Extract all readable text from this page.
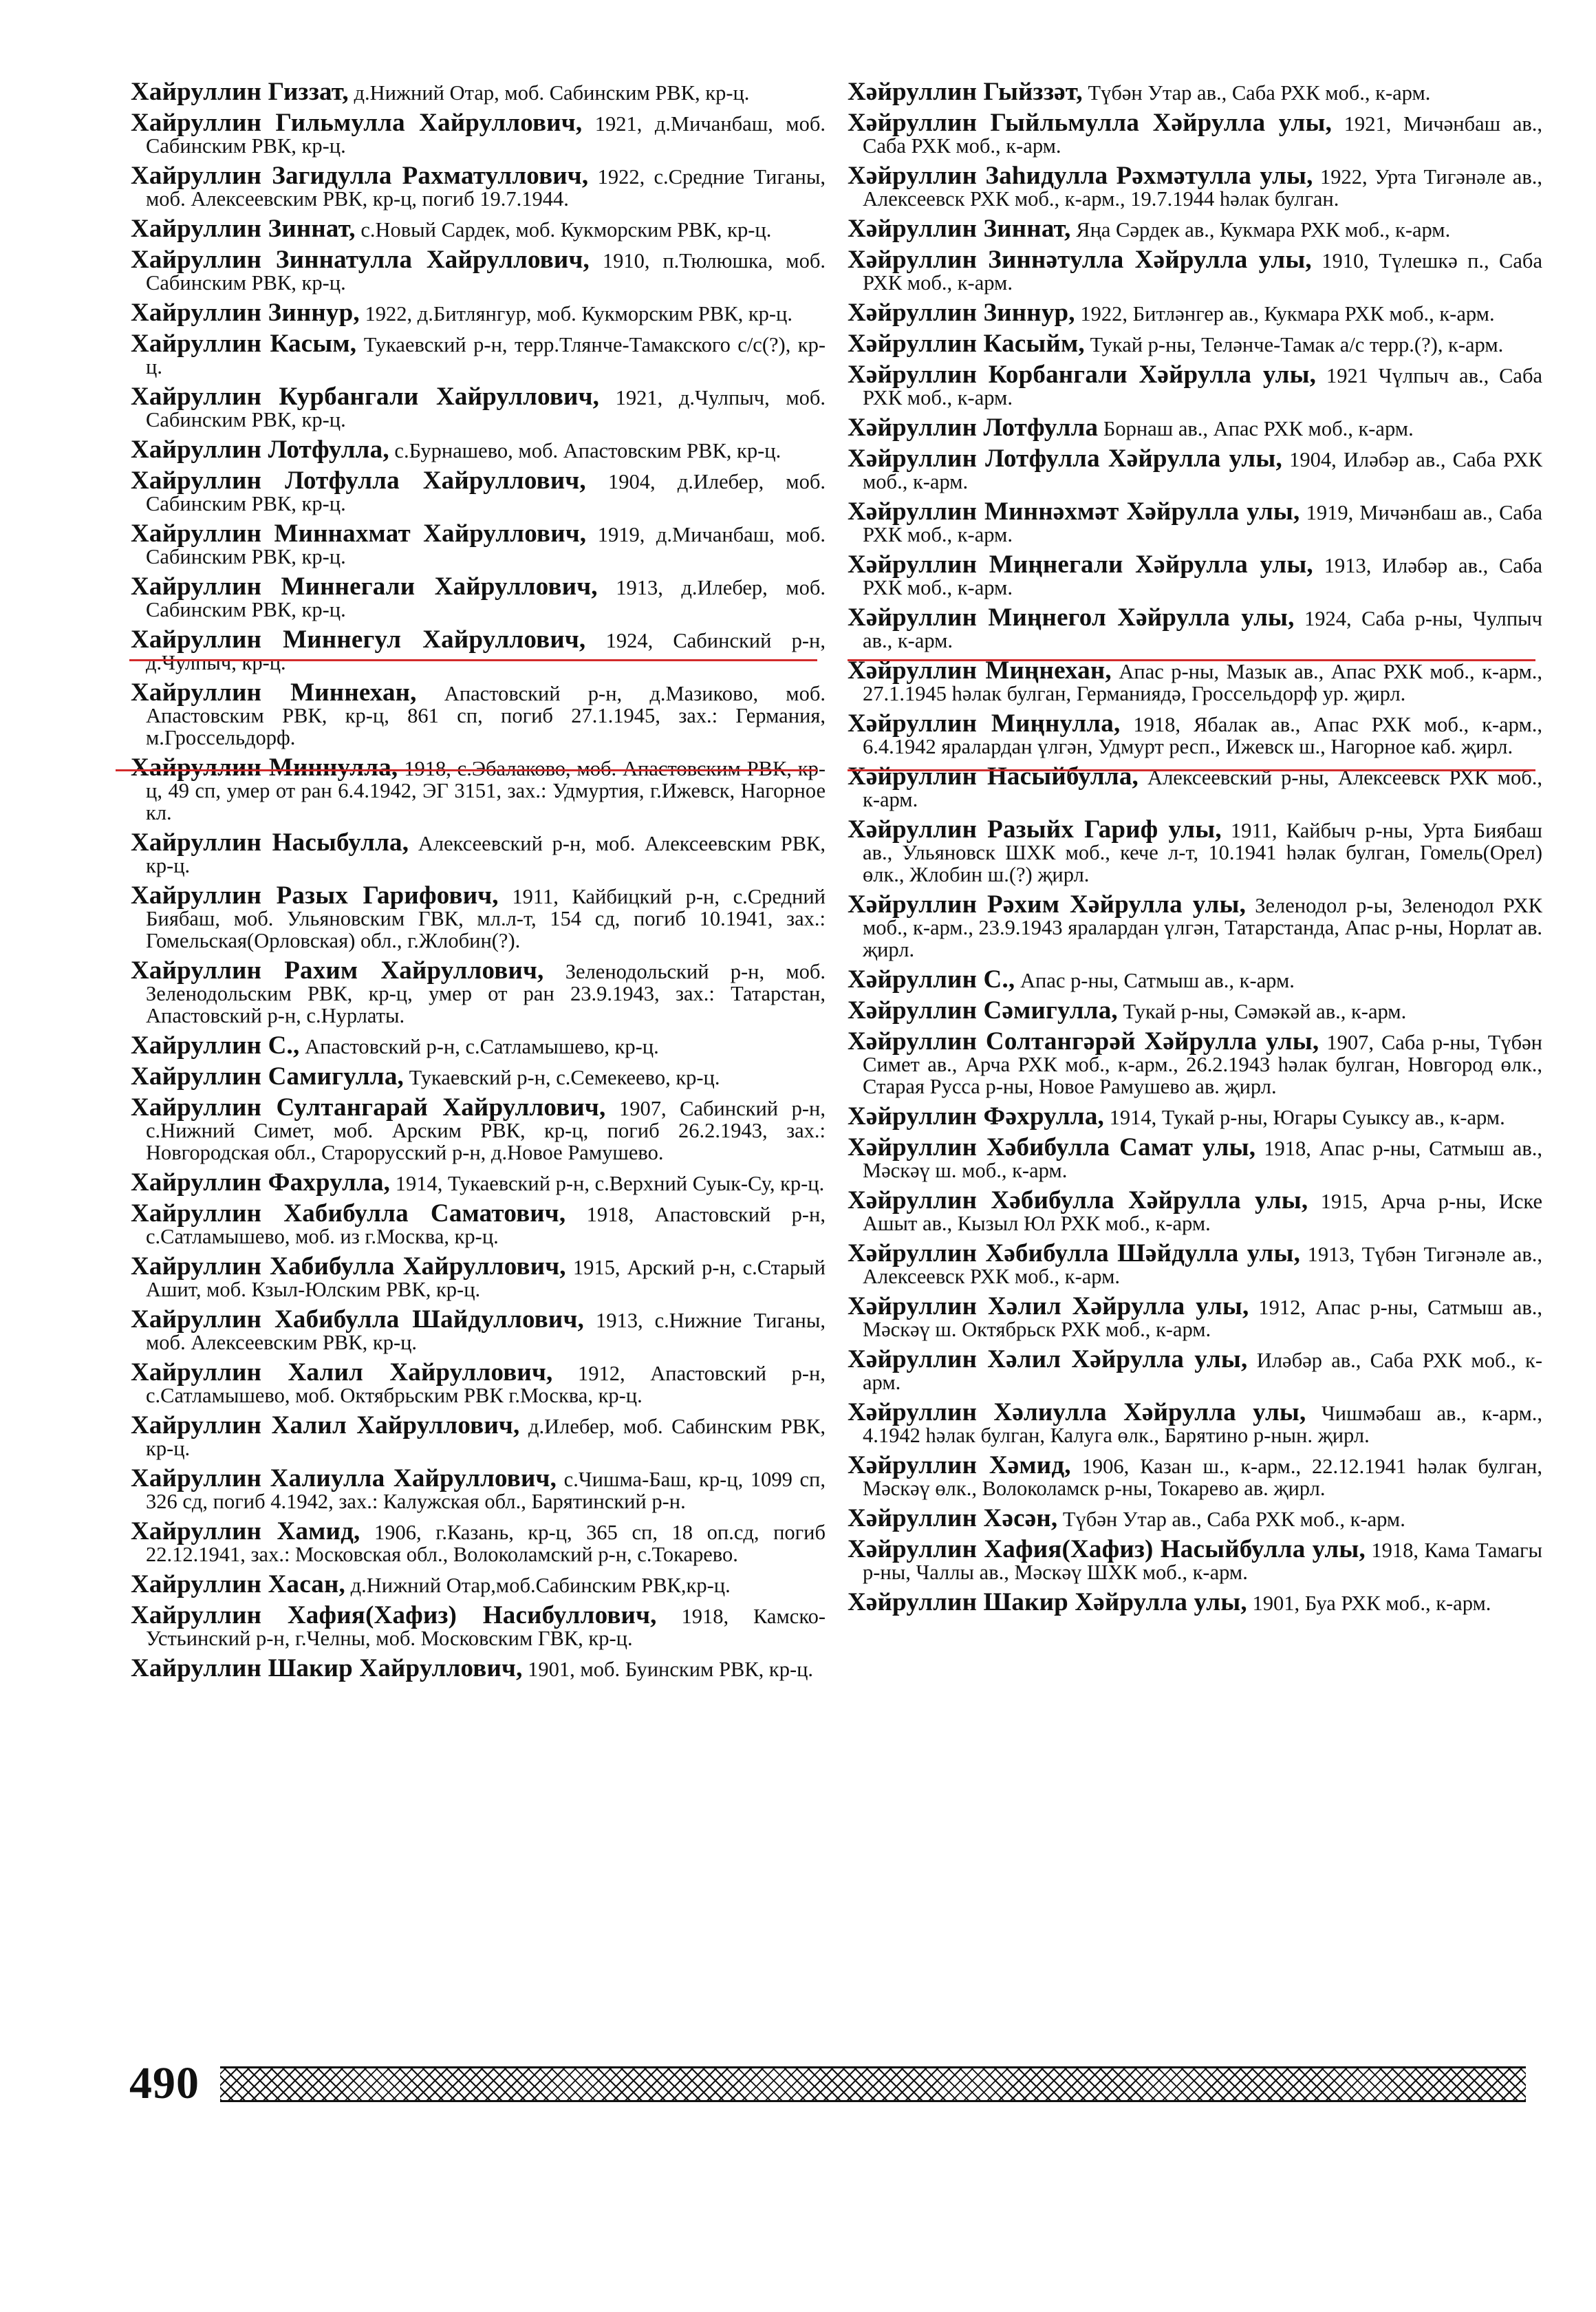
Хайруллин Гиззат, д.Нижний Отар, моб. Сабинским РВК, кр-ц.
Хайруллин Гильмулла Хайруллович, 1921, д.Мичанбаш, моб. Сабинским РВК, кр-ц.
Хайруллин Загидулла Рахматуллович, 1922, с.Средние Тиганы, моб. Алексеевским РВК, кр-ц, погиб 19.7.1944.
Хайруллин Зиннат, с.Новый Сардек, моб. Кукморским РВК, кр-ц.
Хайруллин Зиннатулла Хайруллович, 1910, п.Тюлюшка, моб. Сабинским РВК, кр-ц.
Хайруллин Зиннур, 1922, д.Битлянгур, моб. Кукморским РВК, кр-ц.
Хайруллин Касым, Тукаевский р-н, терр.Тлянче-Тамакского с/с(?), кр-ц.
Хайруллин Курбангали Хайруллович, 1921, д.Чулпыч, моб. Сабинским РВК, кр-ц.
Хайруллин Лотфулла, с.Бурнашево, моб. Апастовским РВК, кр-ц.
Хайруллин Лотфулла Хайруллович, 1904, д.Илебер, моб. Сабинским РВК, кр-ц.
Хайруллин Миннахмат Хайруллович, 1919, д.Мичанбаш, моб. Сабинским РВК, кр-ц.
Хайруллин Миннегали Хайруллович, 1913, д.Илебер, моб. Сабинским РВК, кр-ц.
Хайруллин Миннегул Хайруллович, 1924, Сабинский р-н, д.Чулпыч, кр-ц.
Хайруллин Миннехан, Апастовский р-н, д.Мазиково, моб. Апастовским РВК, кр-ц, 861 сп, погиб 27.1.1945, зах.: Германия, м.Гроссельдорф.
Хайруллин Миннулла, 1918, с.Эбалаково, моб. Апастовским РВК, кр-ц, 49 сп, умер от ран 6.4.1942, ЭГ 3151, зах.: Удмуртия, г.Ижевск, Нагорное кл.
Хайруллин Насыбулла, Алексеевский р-н, моб. Алексеевским РВК, кр-ц.
Хайруллин Разых Гарифович, 1911, Кайбицкий р-н, с.Средний Биябаш, моб. Ульяновским ГВК, мл.л-т, 154 сд, погиб 10.1941, зах.: Гомельская(Орловская) обл., г.Жлобин(?).
Хайруллин Рахим Хайруллович, Зеленодольский р-н, моб. Зеленодольским РВК, кр-ц, умер от ран 23.9.1943, зах.: Татарстан, Апастовский р-н, с.Нурлаты.
Хайруллин С., Апастовский р-н, с.Сатламышево, кр-ц.
Хайруллин Самигулла, Тукаевский р-н, с.Семекеево, кр-ц.
Хайруллин Султангарай Хайруллович, 1907, Сабинский р-н, с.Нижний Симет, моб. Арским РВК, кр-ц, погиб 26.2.1943, зах.: Новгородская обл., Старорусский р-н, д.Новое Рамушево.
Хайруллин Фахрулла, 1914, Тукаевский р-н, с.Верхний Суык-Су, кр-ц.
Хайруллин Хабибулла Саматович, 1918, Апастовский р-н, с.Сатламышево, моб. из г.Москва, кр-ц.
Хайруллин Хабибулла Хайруллович, 1915, Арский р-н, с.Старый Ашит, моб. Кзыл-Юлским РВК, кр-ц.
Хайруллин Хабибулла Шайдуллович, 1913, с.Нижние Тиганы, моб. Алексеевским РВК, кр-ц.
Хайруллин Халил Хайруллович, 1912, Апастовский р-н, с.Сатламышево, моб. Октябрьским РВК г.Москва, кр-ц.
Хайруллин Халил Хайруллович, д.Илебер, моб. Сабинским РВК, кр-ц.
Хайруллин Халиулла Хайруллович, с.Чишма-Баш, кр-ц, 1099 сп, 326 сд, погиб 4.1942, зах.: Калужская обл., Барятинский р-н.
Хайруллин Хамид, 1906, г.Казань, кр-ц, 365 сп, 18 оп.сд, погиб 22.12.1941, зах.: Московская обл., Волоколамский р-н, с.Токарево.
Хайруллин Хасан, д.Нижний Отар,моб.Сабинским РВК,кр-ц.
Хайруллин Хафия(Хафиз) Насибуллович, 1918, Камско-Устьинский р-н, г.Челны, моб. Московским ГВК, кр-ц.
Хайруллин Шакир Хайруллович, 1901, моб. Буинским РВК, кр-ц.
Хәйруллин Гыйззәт, Түбән Утар ав., Саба РХК моб., к-арм.
Хәйруллин Гыйльмулла Хәйрулла улы, 1921, Мичәнбаш ав., Саба РХК моб., к-арм.
Хәйруллин Заһидулла Рәхмәтулла улы, 1922, Урта Тигәнәле ав., Алексеевск РХК моб., к-арм., 19.7.1944 һәлак булган.
Хәйруллин Зиннат, Яңа Сәрдек ав., Кукмара РХК моб., к-арм.
Хәйруллин Зиннәтулла Хәйрулла улы, 1910, Түлешкә п., Саба РХК моб., к-арм.
Хәйруллин Зиннур, 1922, Битләнгер ав., Кукмара РХК моб., к-арм.
Хәйруллин Касыйм, Тукай р-ны, Теләнче-Тамак а/с терр.(?), к-арм.
Хәйруллин Корбангали Хәйрулла улы, 1921 Чүлпыч ав., Саба РХК моб., к-арм.
Хәйруллин Лотфулла Борнаш ав., Апас РХК моб., к-арм.
Хәйруллин Лотфулла Хәйрулла улы, 1904, Иләбәр ав., Саба РХК моб., к-арм.
Хәйруллин Миннәхмәт Хәйрулла улы, 1919, Мичәнбаш ав., Саба РХК моб., к-арм.
Хәйруллин Миңнегали Хәйрулла улы, 1913, Иләбәр ав., Саба РХК моб., к-арм.
Хәйруллин Миңнегол Хәйрулла улы, 1924, Саба р-ны, Чулпыч ав., к-арм.
Хәйруллин Миңнехан, Апас р-ны, Мазык ав., Апас РХК моб., к-арм., 27.1.1945 һәлак булган, Германиядә, Гроссельдорф ур. җирл.
Хәйруллин Миңнулла, 1918, Ябалак ав., Апас РХК моб., к-арм., 6.4.1942 яралардан үлгән, Удмурт респ., Ижевск ш., Нагорное каб. җирл.
Хәйруллин Насыйбулла, Алексеевский р-ны, Алексеевск РХК моб., к-арм.
Хәйруллин Разыйх Гариф улы, 1911, Кайбыч р-ны, Урта Биябаш ав., Ульяновск ШХК моб., кече л-т, 10.1941 һәлак булган, Гомель(Орел) өлк., Жлобин ш.(?) җирл.
Хәйруллин Рәхим Хәйрулла улы, Зеленодол р-ы, Зеленодол РХК моб., к-арм., 23.9.1943 яралардан үлгән, Татарстанда, Апас р-ны, Норлат ав. җирл.
Хәйруллин С., Апас р-ны, Сатмыш ав., к-арм.
Хәйруллин Сәмигулла, Тукай р-ны, Сәмәкәй ав., к-арм.
Хәйруллин Солтангәрәй Хәйрулла улы, 1907, Саба р-ны, Түбән Симет ав., Арча РХК моб., к-арм., 26.2.1943 һәлак булган, Новгород өлк., Старая Русса р-ны, Новое Рамушево ав. җирл.
Хәйруллин Фәхрулла, 1914, Тукай р-ны, Югары Суыксу ав., к-арм.
Хәйруллин Хәбибулла Самат улы, 1918, Апас р-ны, Сатмыш ав., Мәскәү ш. моб., к-арм.
Хәйруллин Хәбибулла Хәйрулла улы, 1915, Арча р-ны, Иске Ашыт ав., Кызыл Юл РХК моб., к-арм.
Хәйруллин Хәбибулла Шәйдулла улы, 1913, Түбән Тигәнәле ав., Алексеевск РХК моб., к-арм.
Хәйруллин Хәлил Хәйрулла улы, 1912, Апас р-ны, Сатмыш ав., Мәскәү ш. Октябрьск РХК моб., к-арм.
Хәйруллин Хәлил Хәйрулла улы, Иләбәр ав., Саба РХК моб., к-арм.
Хәйруллин Хәлиулла Хәйрулла улы, Чишмәбаш ав., к-арм., 4.1942 һәлак булган, Калуга өлк., Барятино р-нын. җирл.
Хәйруллин Хәмид, 1906, Казан ш., к-арм., 22.12.1941 һәлак булган, Мәскәү өлк., Волоколамск р-ны, Токарево ав. җирл.
Хәйруллин Хәсән, Түбән Утар ав., Саба РХК моб., к-арм.
Хәйруллин Хафия(Хафиз) Насыйбулла улы, 1918, Кама Тамагы р-ны, Чаллы ав., Мәскәү ШХК моб., к-арм.
Хәйруллин Шакир Хәйрулла улы, 1901, Буа РХК моб., к-арм.
490
